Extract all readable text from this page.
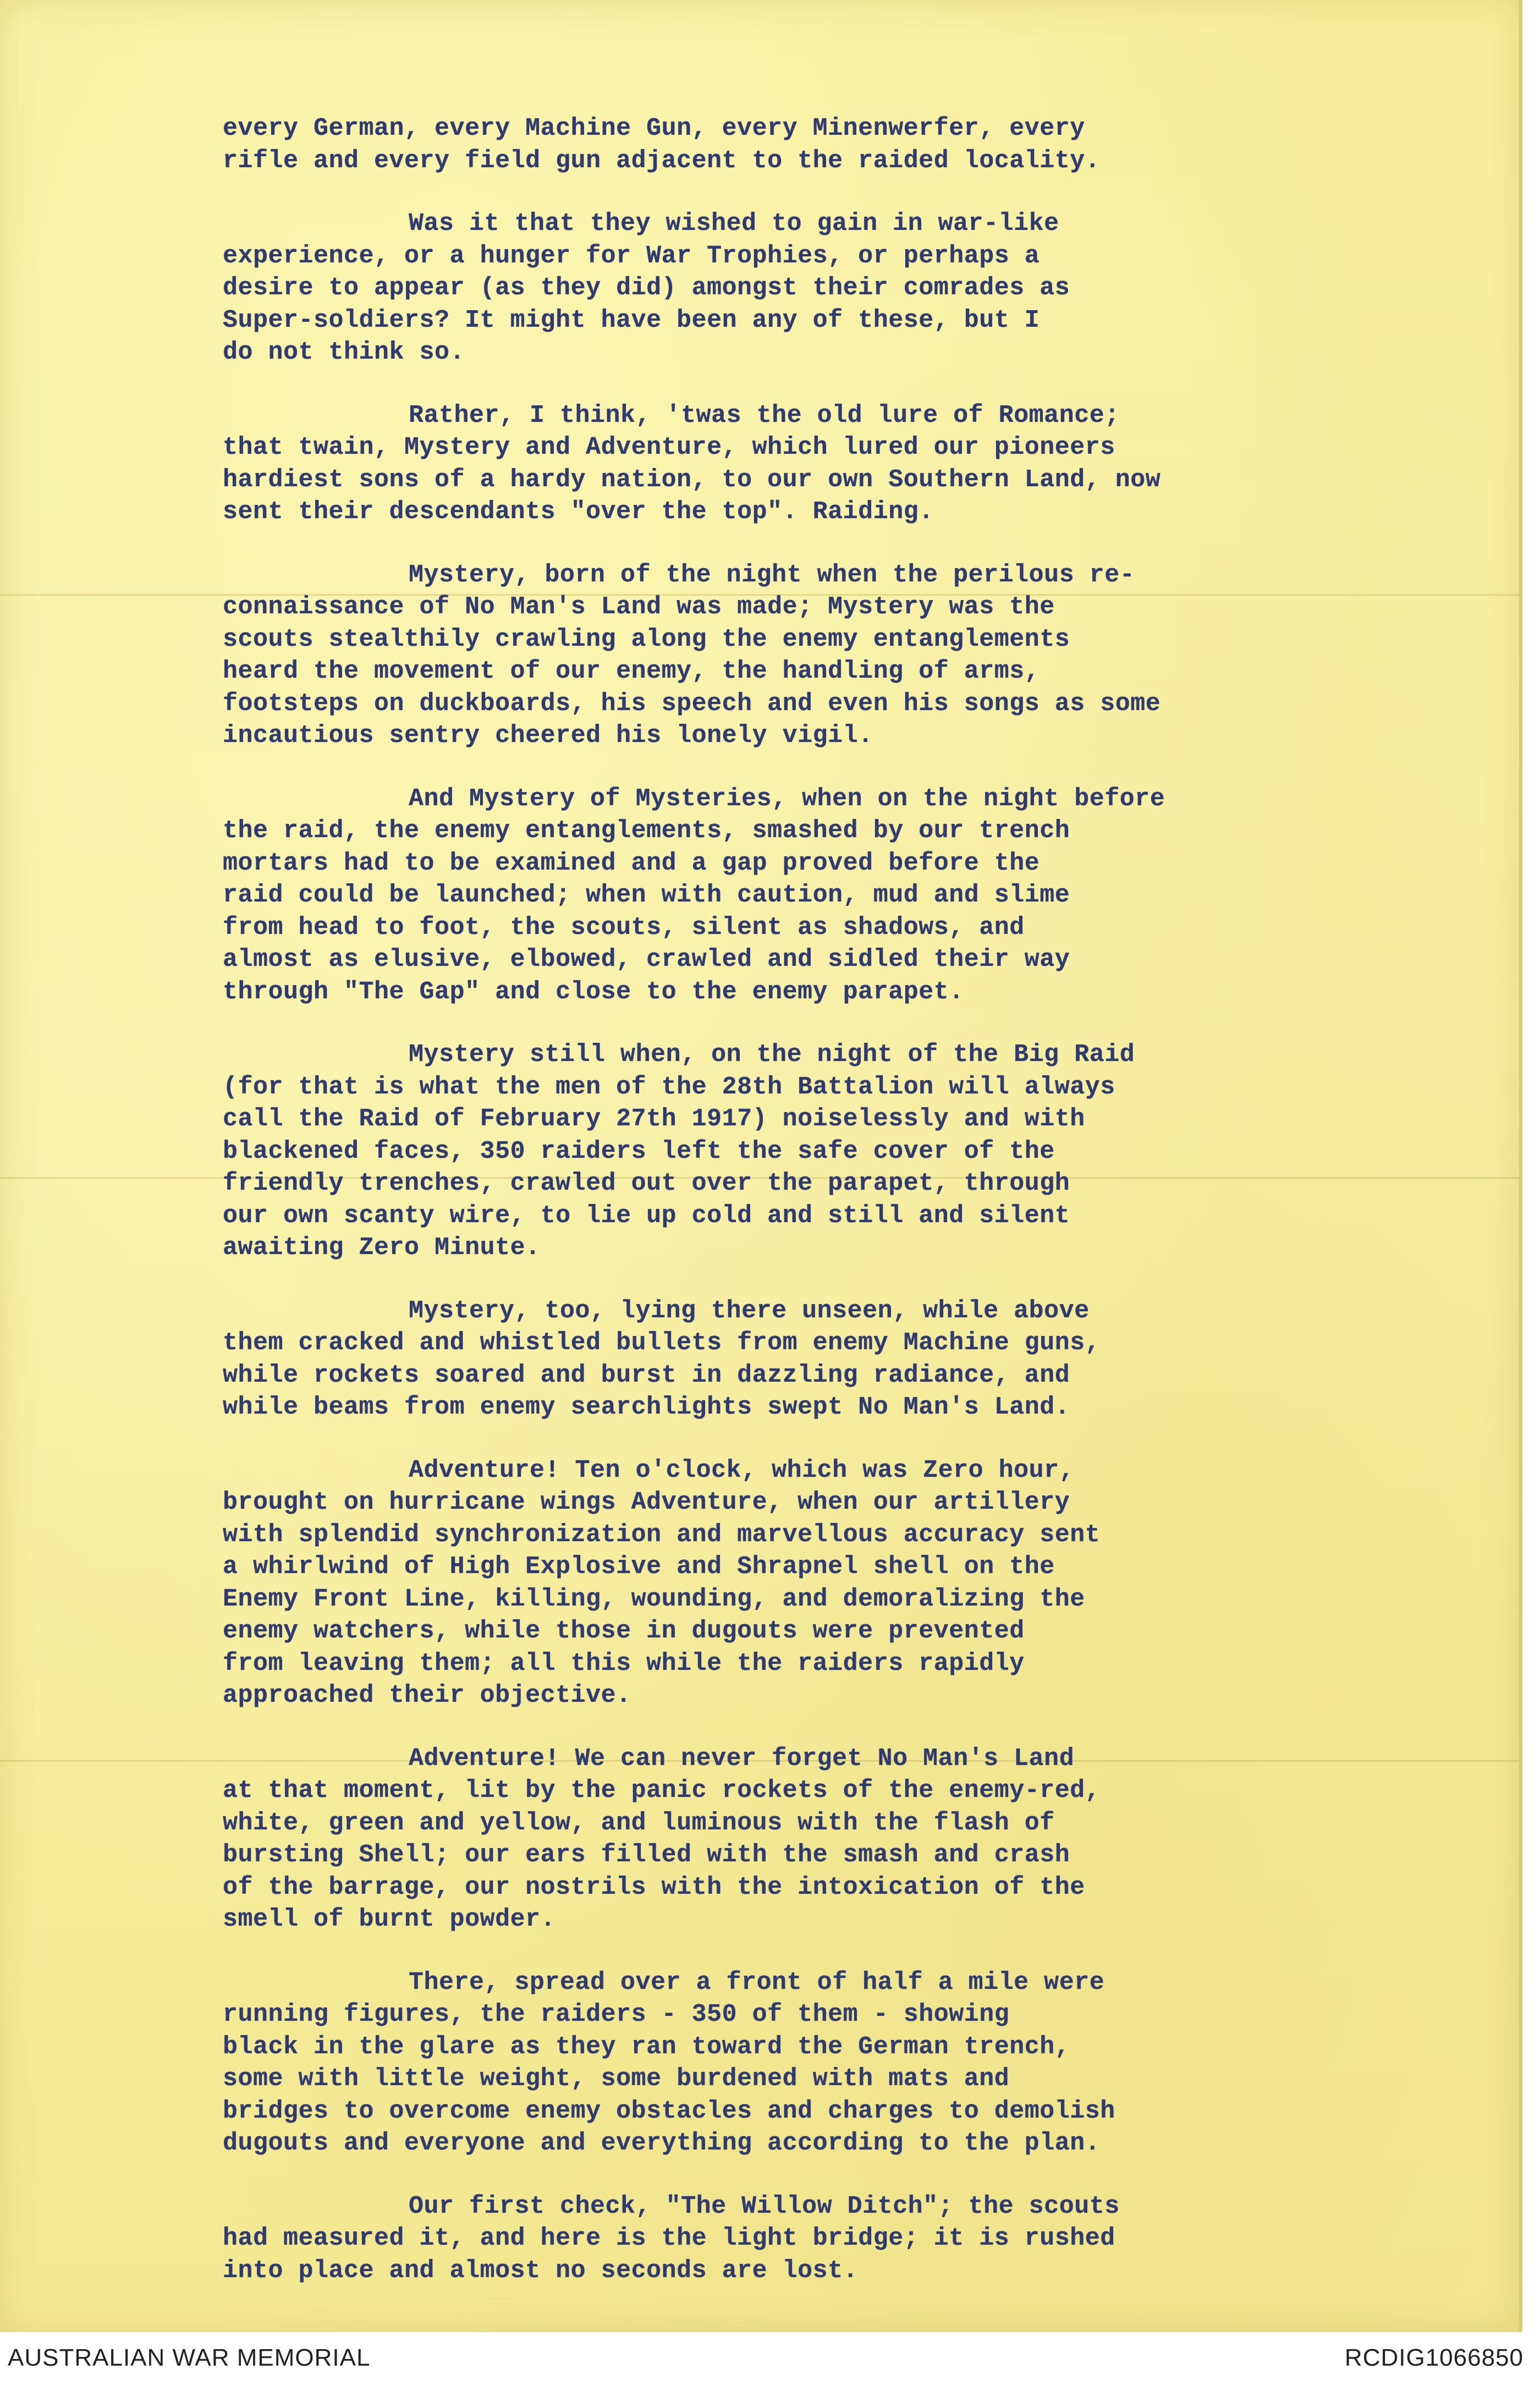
every German, every Machine Gun, every Minenwerfer, every
rifle and every field gun adjacent to the raided locality.
Was it that they wished to gain in war-like
experience, or a hunger for War Trophies, or perhaps a
desire to appear (as they did) amongst their comrades as
Super-soldiers? It might have been any of these, but I
do not think so.
Rather, I think, 'twas the old lure of Romance;
that twain, Mystery and Adventure, which lured our pioneers
hardiest sons of a hardy nation, to our own Southern Land, now
sent their descendants "over the top". Raiding.
Mystery, born of the night when the perilous re-
connaissance of No Man's Land was made; Mystery was the
scouts stealthily crawling along the enemy entanglements
heard the movement of our enemy, the handling of arms,
footsteps on duckboards, his speech and even his songs as some
incautious sentry cheered his lonely vigil.
And Mystery of Mysteries, when on the night before
the raid, the enemy entanglements, smashed by our trench
mortars had to be examined and a gap proved before the
raid could be launched; when with caution, mud and slime
from head to foot, the scouts, silent as shadows, and
almost as elusive, elbowed, crawled and sidled their way
through "The Gap" and close to the enemy parapet.
Mystery still when, on the night of the Big Raid
(for that is what the men of the 28th Battalion will always
call the Raid of February 27th 1917) noiselessly and with
blackened faces, 350 raiders left the safe cover of the
friendly trenches, crawled out over the parapet, through
our own scanty wire, to lie up cold and still and silent
awaiting Zero Minute.
Mystery, too, lying there unseen, while above
them cracked and whistled bullets from enemy Machine guns,
while rockets soared and burst in dazzling radiance, and
while beams from enemy searchlights swept No Man's Land.
Adventure! Ten o'clock, which was Zero hour,
brought on hurricane wings Adventure, when our artillery
with splendid synchronization and marvellous accuracy sent
a whirlwind of High Explosive and Shrapnel shell on the
Enemy Front Line, killing, wounding, and demoralizing the
enemy watchers, while those in dugouts were prevented
from leaving them; all this while the raiders rapidly
approached their objective.
Adventure! We can never forget No Man's Land
at that moment, lit by the panic rockets of the enemy-red,
white, green and yellow, and luminous with the flash of
bursting Shell; our ears filled with the smash and crash
of the barrage, our nostrils with the intoxication of the
smell of burnt powder.
There, spread over a front of half a mile were
running figures, the raiders - 350 of them - showing
black in the glare as they ran toward the German trench,
some with little weight, some burdened with mats and
bridges to overcome enemy obstacles and charges to demolish
dugouts and everyone and everything according to the plan.
Our first check, "The Willow Ditch"; the scouts
had measured it, and here is the light bridge; it is rushed
into place and almost no seconds are lost.
AUSTRALIAN WAR MEMORIAL	RCDIG1066850
